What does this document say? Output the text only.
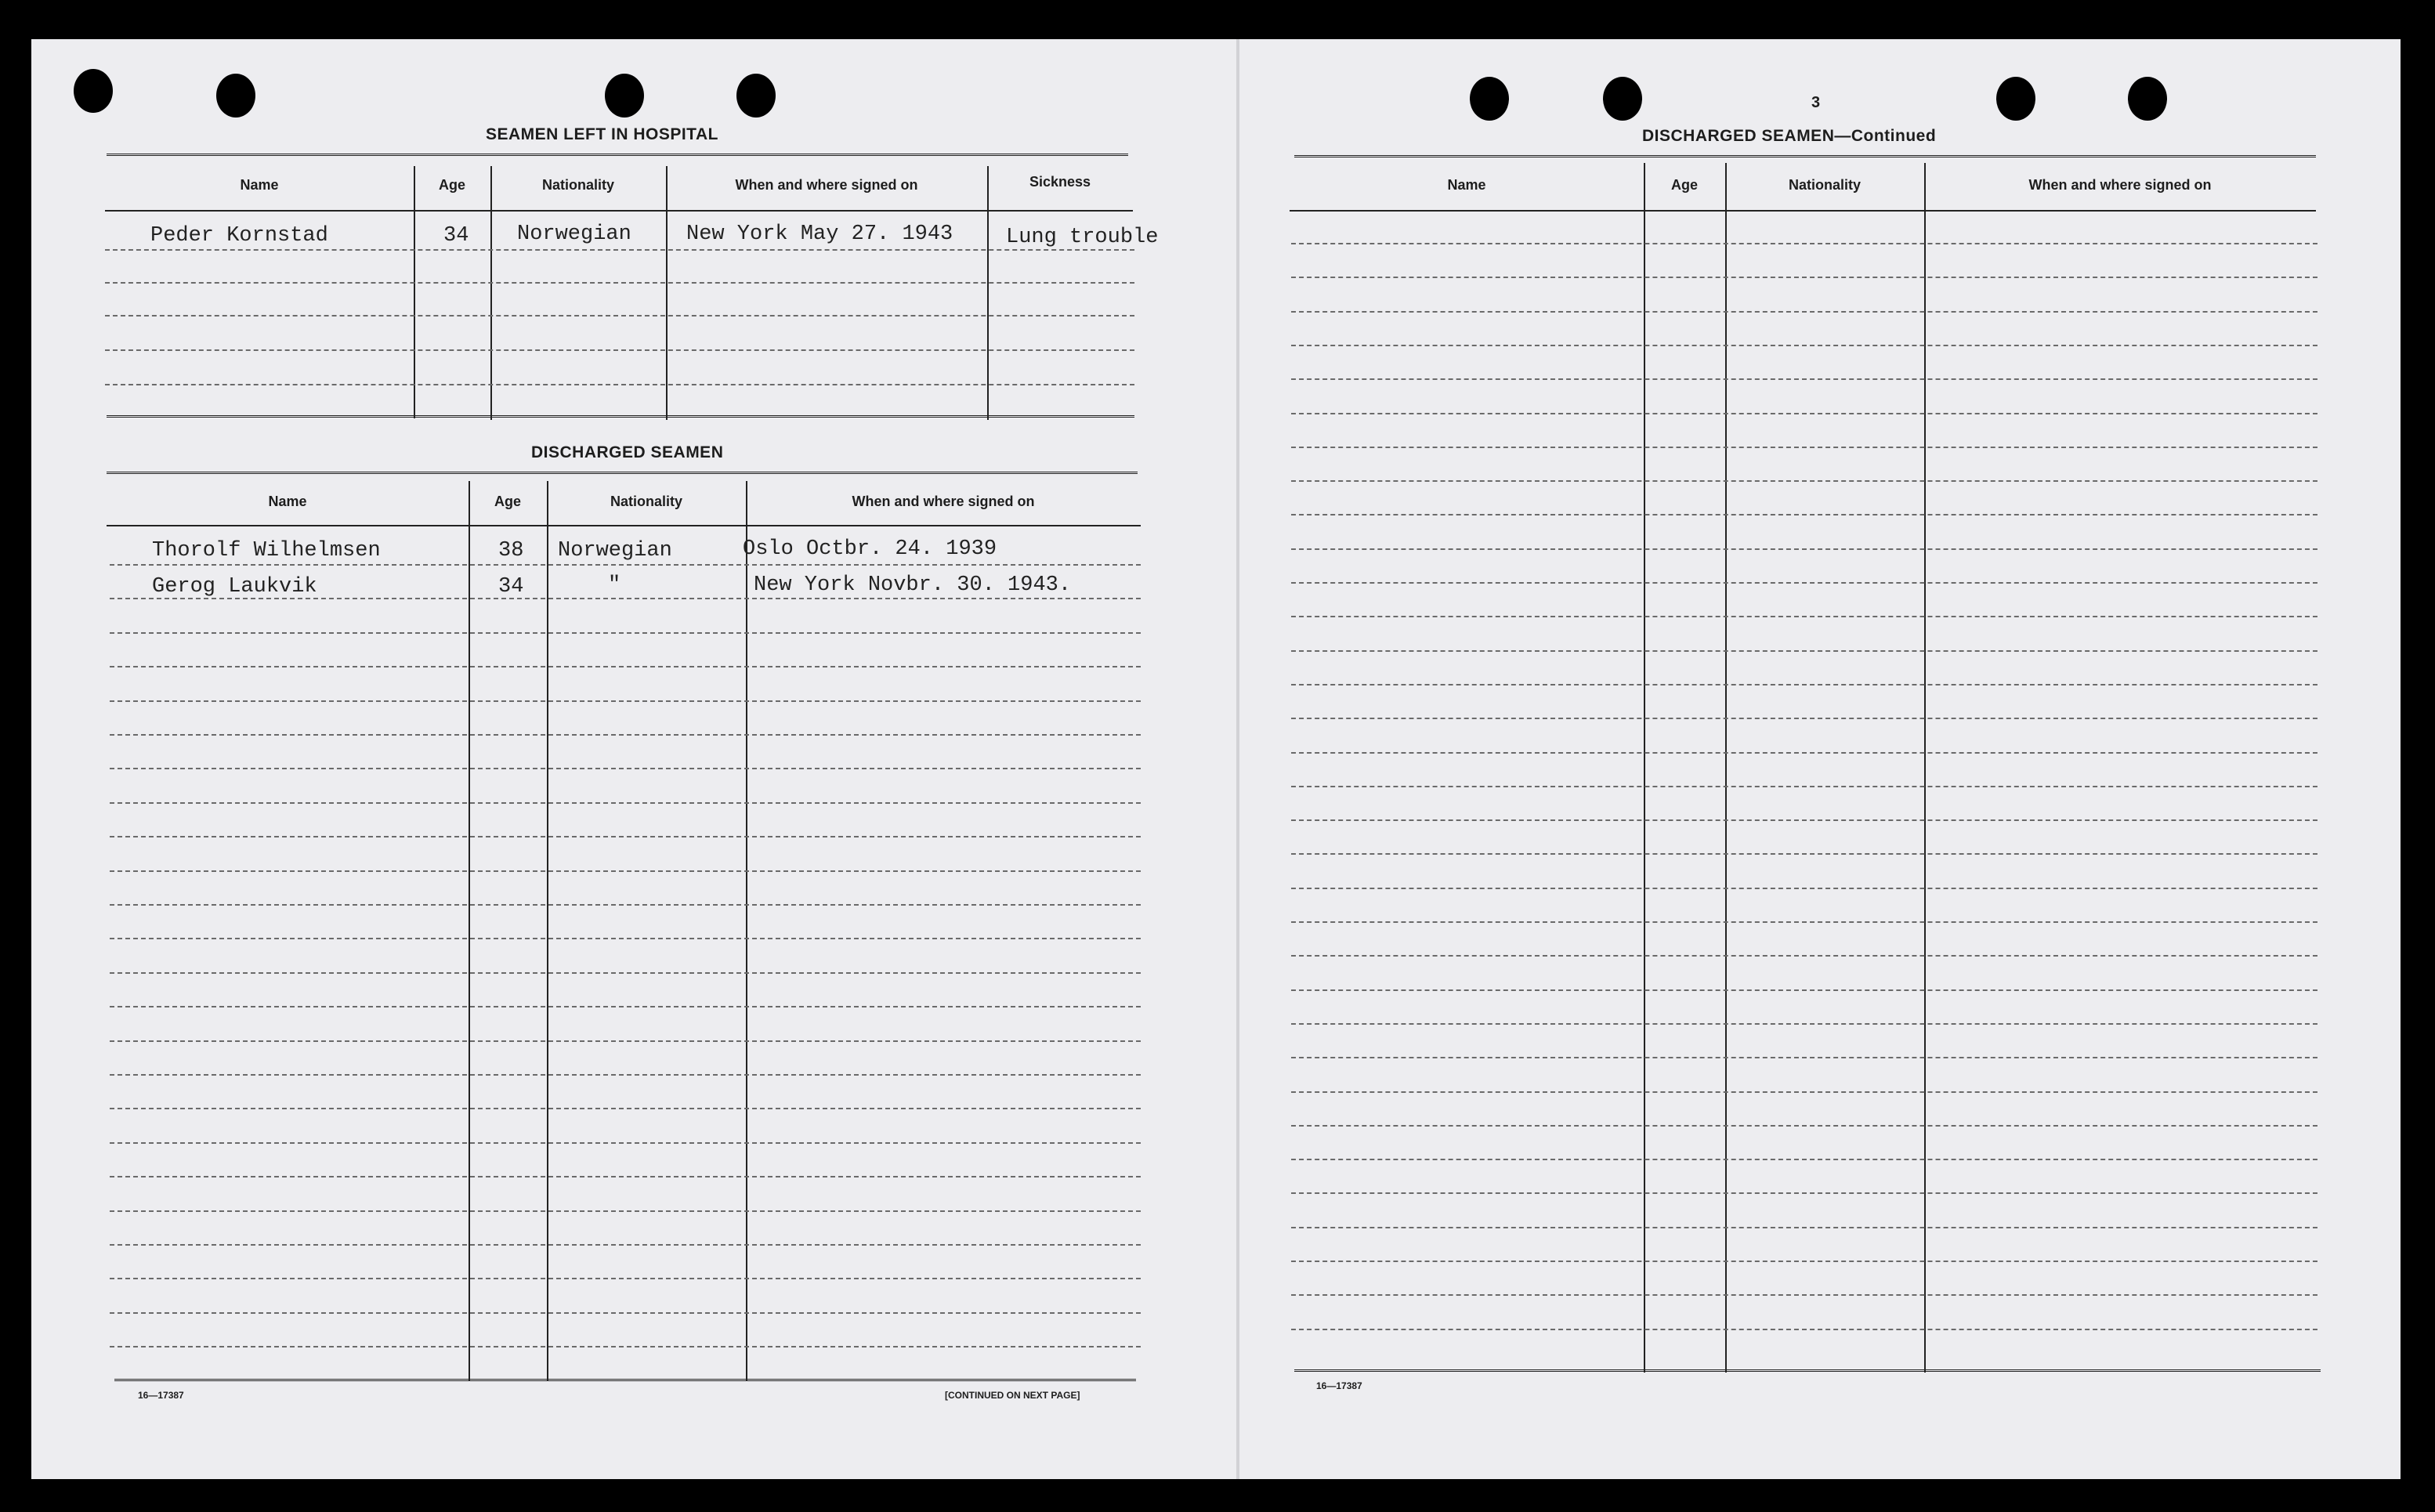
SEAMEN LEFT IN HOSPITAL
Name	Age	Nationality	When and where signed on	Sickness
Peder Kornstad	34 Norwegian	New York May 27. 1943	Lung trouble
DISCHARGED SEAMEN
Name	Age	Nationality	When and where signed on
Thorolf Wilhelmsen	38 Norwegian	Oslo Octbr. 24. 1939
Gerog Laukvik	34	"	New York Novbr. 30. 1943.
16—17387	[CONTINUED ON NEXT PAGE]
3
DISCHARGED SEAMEN—Continued
Name	Age	Nationality	When and where signed on
16—17387
